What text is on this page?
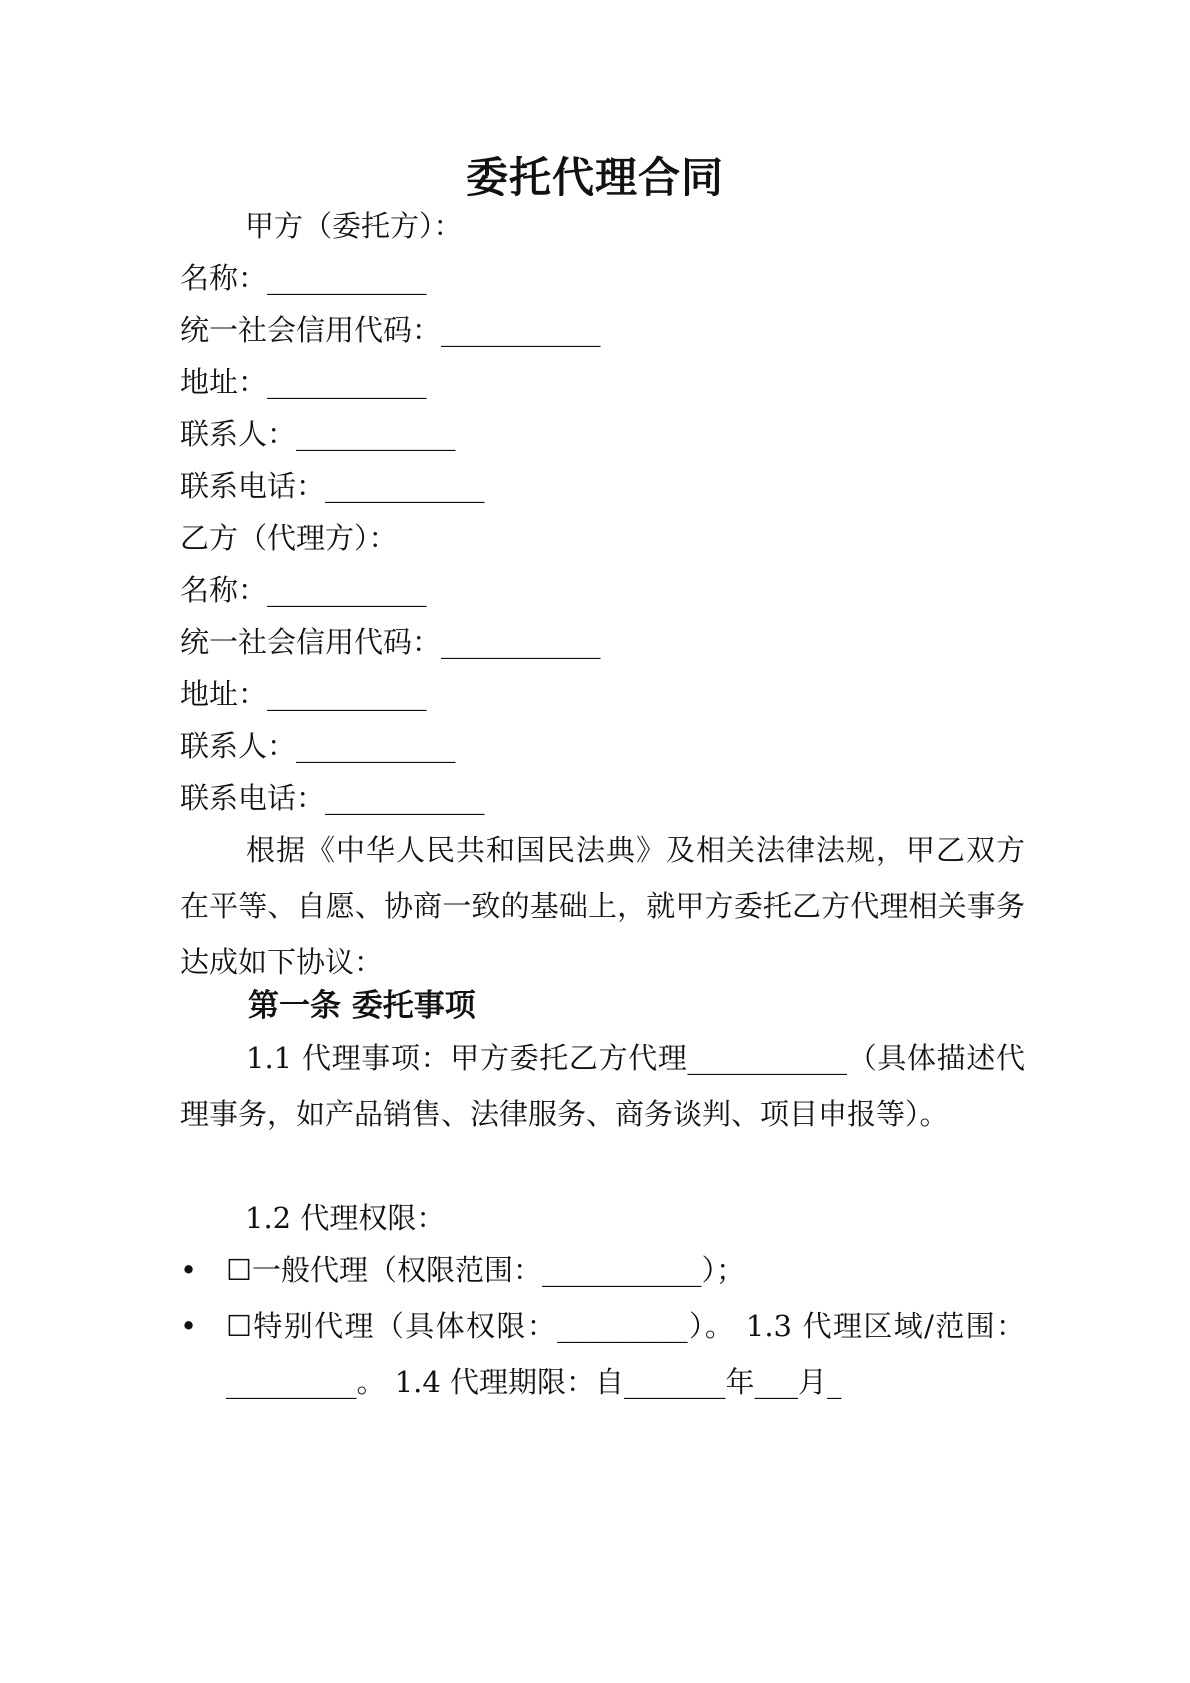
委托代理合同
甲方（委托方）：
名称：___________
统一社会信用代码：___________
地址：___________
联系人：___________
联系电话：___________
乙方（代理方）：
名称：___________
统一社会信用代码：___________
地址：___________
联系人：___________
联系电话：___________
根据《中华人民共和国民法典》及相关法律法规，甲乙双方在平等、自愿、协商一致的基础上，就甲方委托乙方代理相关事务达成如下协议：
第一条 委托事项
1.1 代理事项：甲方委托乙方代理___________（具体描述代理事务，如产品销售、法律服务、商务谈判、项目申报等）。
1.2 代理权限：
• ☐一般代理（权限范围：___________）；
• ☐特别代理（具体权限：_________）。 1.3 代理区域/范围：_________。 1.4 代理期限：自_______年___月_
